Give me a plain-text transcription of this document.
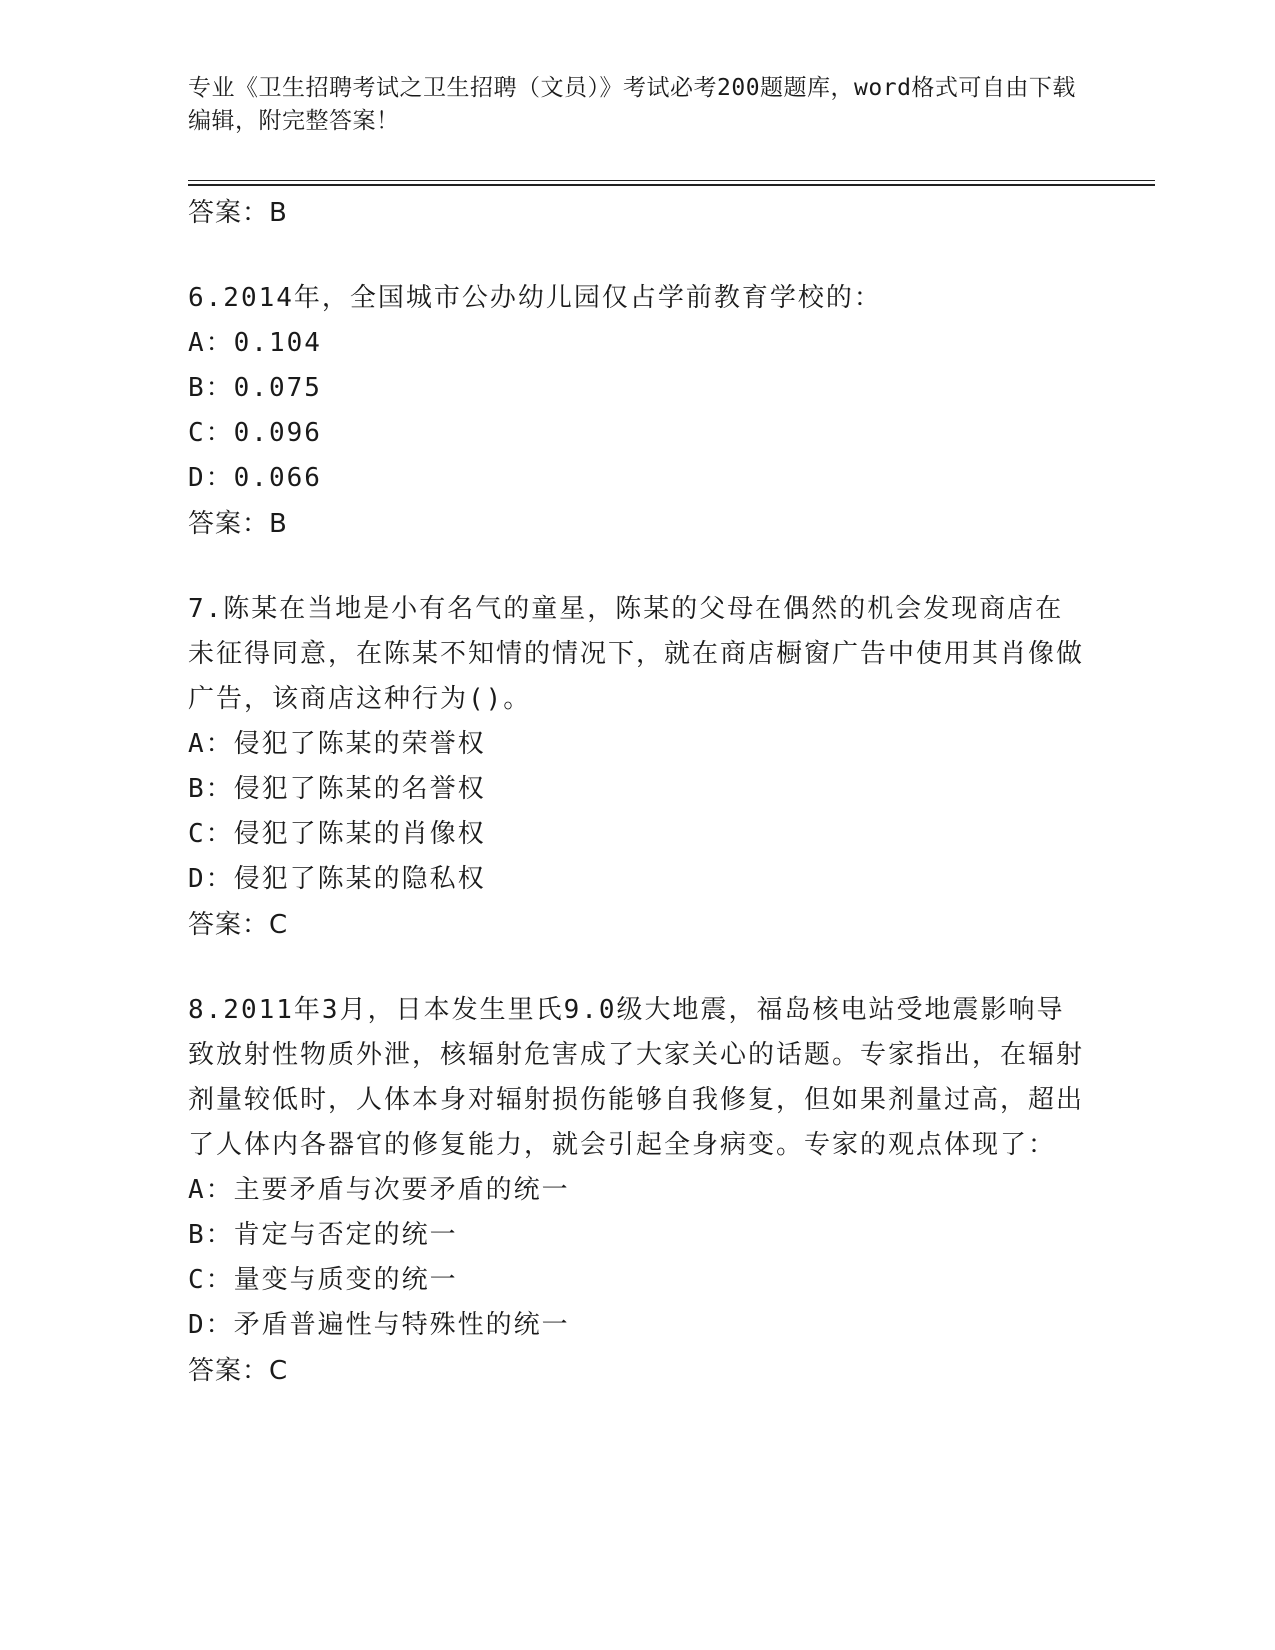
专业《卫生招聘考试之卫生招聘（文员）》考试必考200题题库，word格式可自由下载编辑，附完整答案！
答案：B
6.2014年，全国城市公办幼儿园仅占学前教育学校的：
A：0.104
B：0.075
C：0.096
D：0.066
答案：B
7.陈某在当地是小有名气的童星，陈某的父母在偶然的机会发现商店在未征得同意，在陈某不知情的情况下，就在商店橱窗广告中使用其肖像做广告，该商店这种行为()。
A：侵犯了陈某的荣誉权
B：侵犯了陈某的名誉权
C：侵犯了陈某的肖像权
D：侵犯了陈某的隐私权
答案：C
8.2011年3月，日本发生里氏9.0级大地震，福岛核电站受地震影响导致放射性物质外泄，核辐射危害成了大家关心的话题。专家指出，在辐射剂量较低时，人体本身对辐射损伤能够自我修复，但如果剂量过高，超出了人体内各器官的修复能力，就会引起全身病变。专家的观点体现了：
A：主要矛盾与次要矛盾的统一
B：肯定与否定的统一
C：量变与质变的统一
D：矛盾普遍性与特殊性的统一
答案：C
